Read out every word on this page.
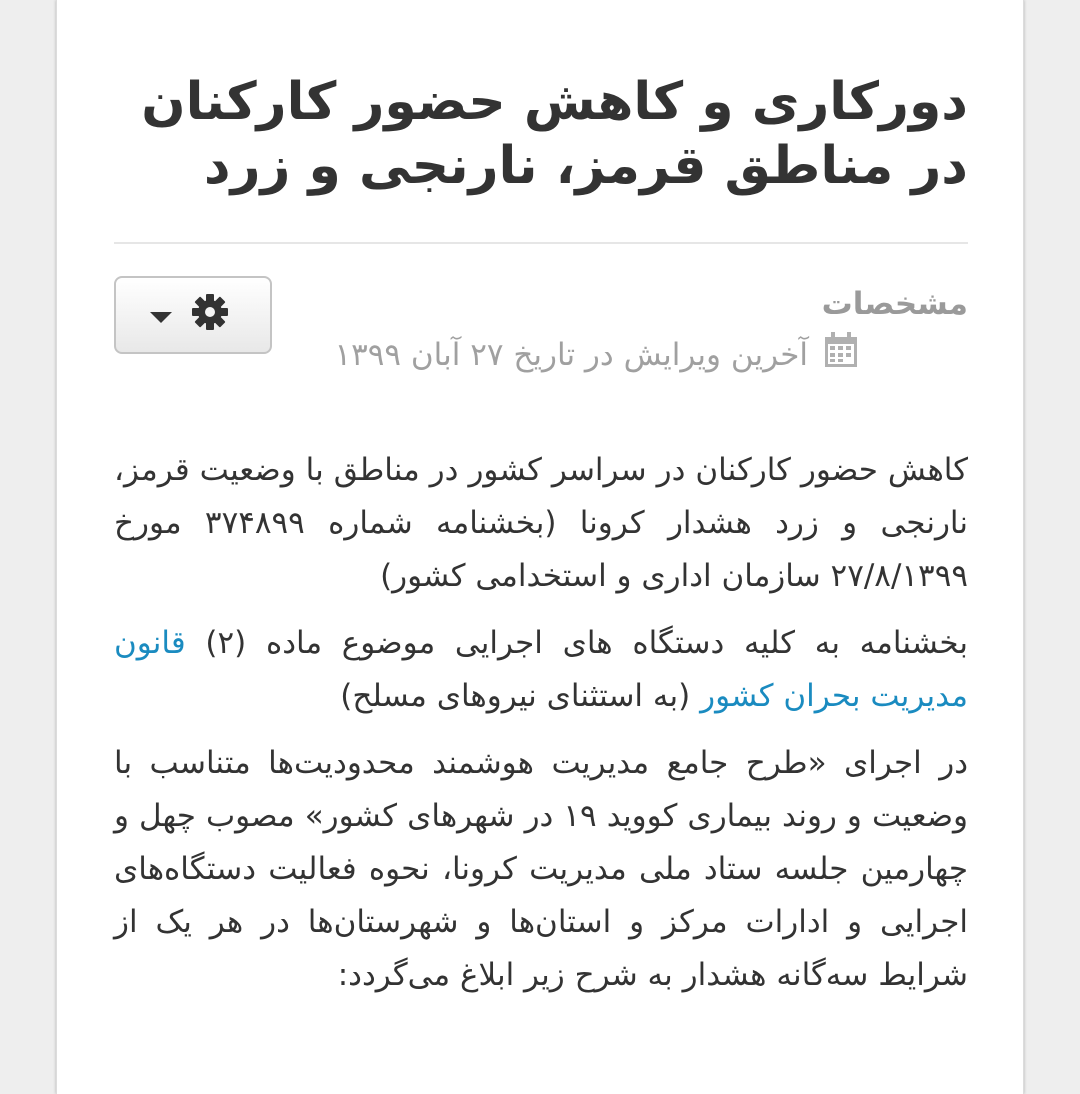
دورکاری و کاهش حضور کارکنان در مناطق قرمز، نارنجی و زرد
مشخصات
آخرین ویرایش در تاریخ ۲۷ آبان ۱۳۹۹

کاهش حضور کارکنان در سراسر کشور در مناطق با وضعیت قرمز، نارنجی و زرد هشدار کرونا (بخشنامه شماره ۳۷۴۸۹۹ مورخ ۲۷/۸/۱۳۹۹ سازمان اداری و استخدامی کشور)

بخشنامه به کلیه دستگاه های اجرایی موضوع ماده (۲) قانون مدیریت بحران کشور (به استثنای نیروهای مسلح)

در اجرای «طرح جامع مدیریت هوشمند محدودیت‌ها متناسب با وضعیت و روند بیماری کووید ۱۹ در شهرهای کشور» مصوب چهل و چهارمین جلسه ستاد ملی مدیریت کرونا، نحوه فعالیت دستگاه‌های اجرایی و ادارات مرکز و استان‌ها و شهرستان‌ها در هر یک از شرایط سه‌گانه هشدار به شرح زیر ابلاغ می‌گردد:
